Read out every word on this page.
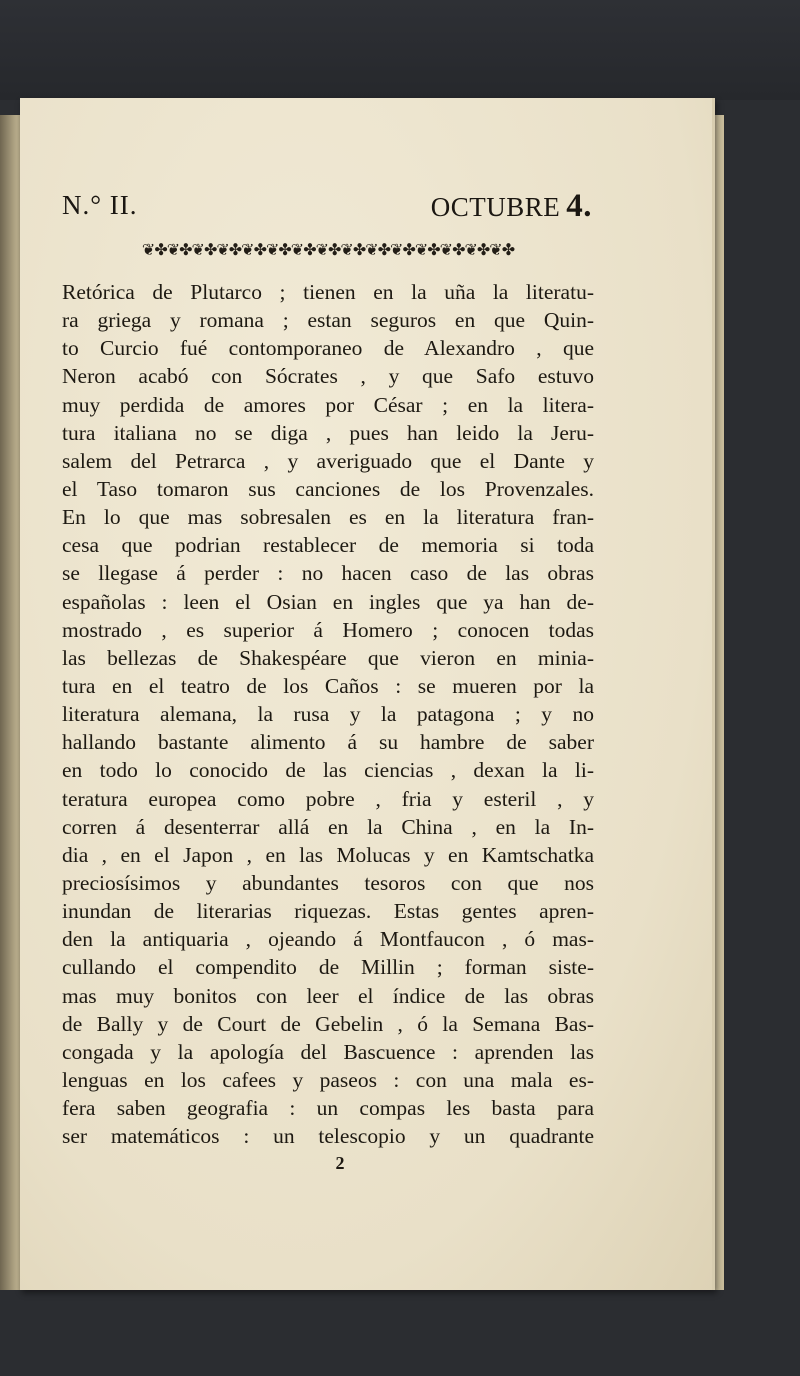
N.° II.	OCTUBRE 4.
❦✤❦✤❦✤❦✤❦✤❦✤❦✤❦✤❦✤❦✤❦✤❦✤❦✤❦✤❦✤
Retórica de Plutarco ; tienen en la uña la literatu-
ra griega y romana ; estan seguros en que Quin-
to Curcio fué contomporaneo de Alexandro , que
Neron acabó con Sócrates , y que Safo estuvo
muy perdida de amores por César ; en la litera-
tura italiana no se diga , pues han leido la Jeru-
salem del Petrarca , y averiguado que el Dante y
el Taso tomaron sus canciones de los Provenzales.
En lo que mas sobresalen es en la literatura fran-
cesa que podrian restablecer de memoria si toda
se llegase á perder : no hacen caso de las obras
españolas : leen el Osian en ingles que ya han de-
mostrado , es superior á Homero ; conocen todas
las bellezas de Shakespéare que vieron en minia-
tura en el teatro de los Caños : se mueren por la
literatura alemana, la rusa y la patagona ; y no
hallando bastante alimento á su hambre de saber
en todo lo conocido de las ciencias , dexan la li-
teratura europea como pobre , fria y esteril , y
corren á desenterrar allá en la China , en la In-
dia , en el Japon , en las Molucas y en Kamtschatka
preciosísimos y abundantes tesoros con que nos
inundan de literarias riquezas. Estas gentes apren-
den la antiquaria , ojeando á Montfaucon , ó mas-
cullando el compendito de Millin ; forman siste-
mas muy bonitos con leer el índice de las obras
de Bally y de Court de Gebelin , ó la Semana Bas-
congada y la apología del Bascuence : aprenden las
lenguas en los cafees y paseos : con una mala es-
fera saben geografia : un compas les basta para
ser matemáticos : un telescopio y un quadrante
2
